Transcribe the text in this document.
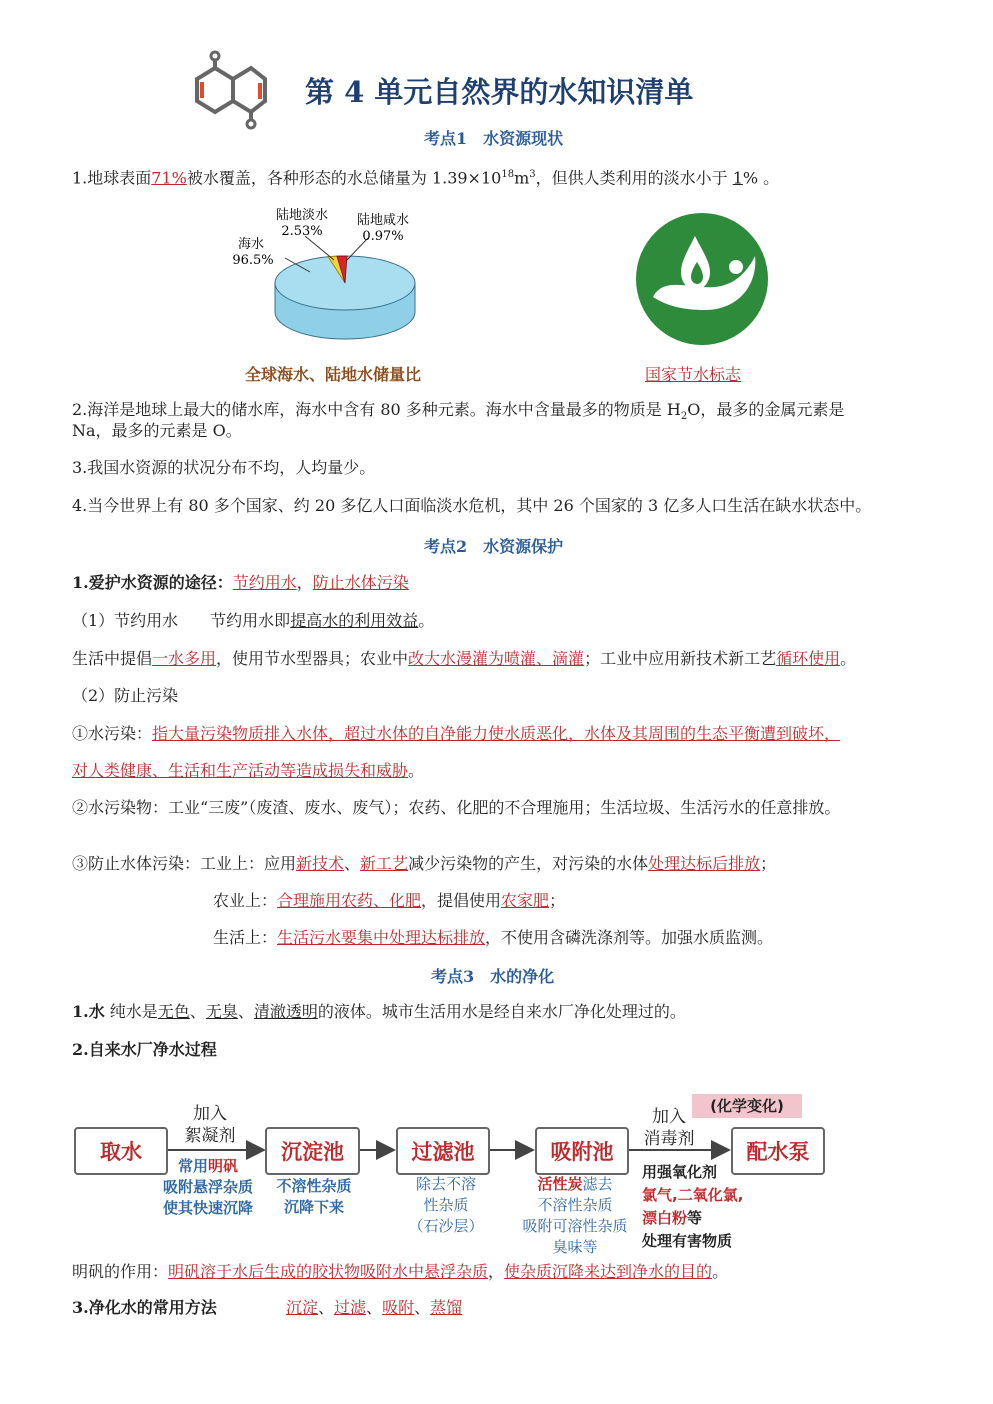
第 4 单元自然界的水知识清单
考点1　水资源现状
1.地球表面71%被水覆盖，各种形态的水总储量为 $1.39\times 10^{18}m^3$，但供人类利用的淡水小于 1% 。
海水
96.5%
陆地淡水
2.53%
陆地咸水
0.97%
全球海水、陆地水储量比	国家节水标志
2.海洋是地球上最大的储水库，海水中含有 80 多种元素。海水中含量最多的物质是 $H_2O$，最多的金属元素是
Na，最多的元素是 O。
3.我国水资源的状况分布不均，人均量少。
4.当今世界上有 80 多个国家、约 20 多亿人口面临淡水危机，其中 26 个国家的 3 亿多人口生活在缺水状态中。
考点2　水资源保护
1.爱护水资源的途径：节约用水，防止水体污染
（1）节约用水　　节约用水即提高水的利用效益。
生活中提倡一水多用，使用节水型器具；农业中改大水漫灌为喷灌、滴灌；工业中应用新技术新工艺循环使用。
（2）防止污染
①水污染：指大量污染物质排入水体，超过水体的自净能力使水质恶化，水体及其周围的生态平衡遭到破坏，
对人类健康、生活和生产活动等造成损失和威胁。
②水污染物：工业“三废”（废渣、废水、废气）；农药、化肥的不合理施用；生活垃圾、生活污水的任意排放。
③防止水体污染：工业上：应用新技术、新工艺减少污染物的产生，对污染的水体处理达标后排放；
农业上：合理施用农药、化肥，提倡使用农家肥；
生活上：生活污水要集中处理达标排放，不使用含磷洗涤剂等。加强水质监测。
考点3　水的净化
1.水 纯水是无色、无臭、清澈透明的液体。城市生活用水是经自来水厂净化处理过的。
2.自来水厂净水过程
取水	沉淀池	过滤池	吸附池	配水泵
加入
絮凝剂
加入
消毒剂
(化学变化)
常用明矾
吸附悬浮杂质
使其快速沉降
不溶性杂质
沉降下来
除去不溶
性杂质
（石沙层）
活性炭滤去
不溶性杂质
吸附可溶性杂质
臭味等
用强氧化剂
氯气,二氧化氯,
漂白粉等
处理有害物质
明矾的作用：明矾溶于水后生成的胶状物吸附水中悬浮杂质，使杂质沉降来达到净水的目的。
3.净化水的常用方法	沉淀、过滤、吸附、蒸馏
